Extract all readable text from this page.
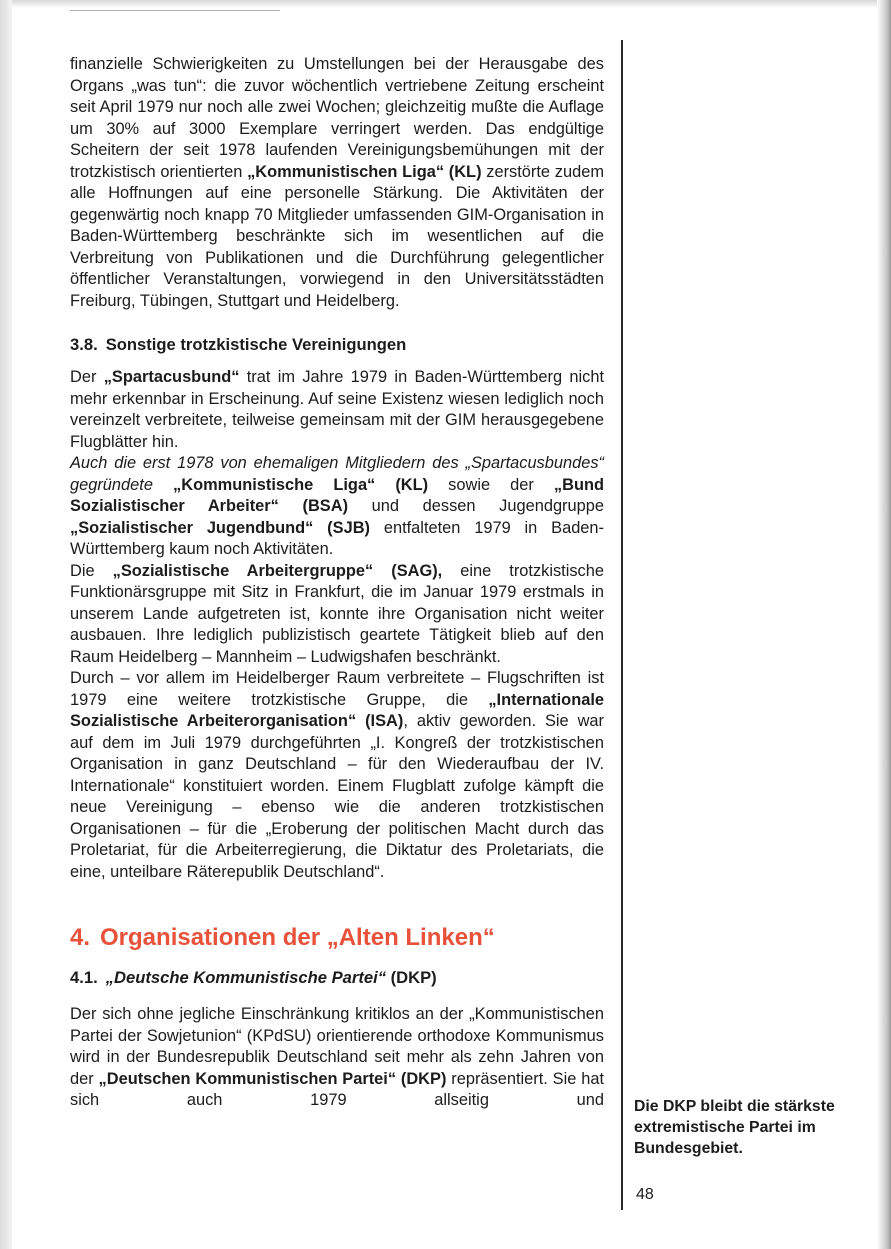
finanzielle Schwierigkeiten zu Umstellungen bei der Herausgabe des Organs „was tun“: die zuvor wöchentlich vertriebene Zeitung erscheint seit April 1979 nur noch alle zwei Wochen; gleichzeitig mußte die Auflage um 30% auf 3000 Exemplare verringert werden. Das endgültige Scheitern der seit 1978 laufenden Vereinigungsbemühungen mit der trotzkistisch orientierten „Kommunistischen Liga“ (KL) zerstörte zudem alle Hoffnungen auf eine personelle Stärkung. Die Aktivitäten der gegenwärtig noch knapp 70 Mitglieder umfassenden GIM-Organisation in Baden-Württemberg beschränkte sich im wesentlichen auf die Verbreitung von Publikationen und die Durchführung gelegentlicher öffentlicher Veranstaltungen, vorwiegend in den Universitätsstädten Freiburg, Tübingen, Stuttgart und Heidelberg.

3.8. Sonstige trotzkistische Vereinigungen

Der „Spartacusbund“ trat im Jahre 1979 in Baden-Württemberg nicht mehr erkennbar in Erscheinung. Auf seine Existenz wiesen lediglich noch vereinzelt verbreitete, teilweise gemeinsam mit der GIM herausgegebene Flugblätter hin.

Auch die erst 1978 von ehemaligen Mitgliedern des „Spartacusbundes“ gegründete „Kommunistische Liga“ (KL) sowie der „Bund Sozialistischer Arbeiter“ (BSA) und dessen Jugendgruppe „Sozialistischer Jugendbund“ (SJB) entfalteten 1979 in Baden-Württemberg kaum noch Aktivitäten.

Die „Sozialistische Arbeitergruppe“ (SAG), eine trotzkistische Funktionärsgruppe mit Sitz in Frankfurt, die im Januar 1979 erstmals in unserem Lande aufgetreten ist, konnte ihre Organisation nicht weiter ausbauen. Ihre lediglich publizistisch geartete Tätigkeit blieb auf den Raum Heidelberg – Mannheim – Ludwigshafen beschränkt.

Durch – vor allem im Heidelberger Raum verbreitete – Flugschriften ist 1979 eine weitere trotzkistische Gruppe, die „Internationale Sozialistische Arbeiterorganisation“ (ISA), aktiv geworden. Sie war auf dem im Juli 1979 durchgeführten „I. Kongreß der trotzkistischen Organisation in ganz Deutschland – für den Wiederaufbau der IV. Internationale“ konstituiert worden. Einem Flugblatt zufolge kämpft die neue Vereinigung – ebenso wie die anderen trotzkistischen Organisationen – für die „Eroberung der politischen Macht durch das Proletariat, für die Arbeiterregierung, die Diktatur des Proletariats, die eine, unteilbare Räterepublik Deutschland“.

4. Organisationen der „Alten Linken“
4.1. „Deutsche Kommunistische Partei“ (DKP)

Der sich ohne jegliche Einschränkung kritiklos an der „Kommunistischen Partei der Sowjetunion“ (KPdSU) orientierende orthodoxe Kommunismus wird in der Bundesrepublik Deutschland seit mehr als zehn Jahren von der „Deutschen Kommunistischen Partei“ (DKP) repräsentiert. Sie hat sich auch 1979 allseitig und Die DKP bleibt die stärkste extremistische Partei im Bundesgebiet.
48
